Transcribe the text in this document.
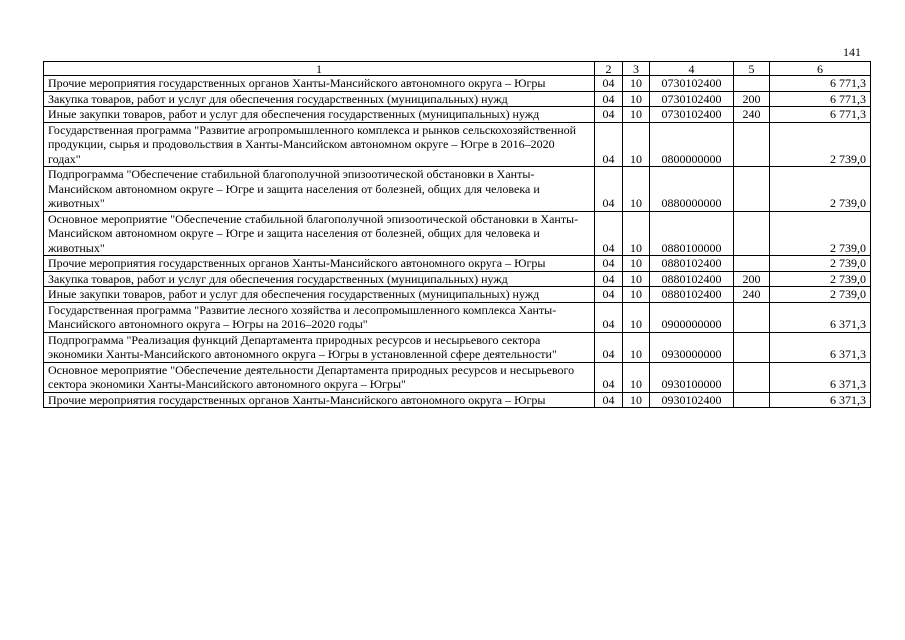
141
1	2	3	4	5	6
Прочие мероприятия государственных органов Ханты-Мансийского автономного округа – Югры	04	10	0730102400		6 771,3
Закупка товаров, работ и услуг для обеспечения государственных (муниципальных) нужд	04	10	0730102400	200	6 771,3
Иные закупки товаров, работ и услуг для обеспечения государственных (муниципальных) нужд	04	10	0730102400	240	6 771,3
Государственная программа "Развитие агропромышленного комплекса и рынков сельскохозяйственной продукции, сырья и продовольствия в Ханты-Мансийском автономном округе – Югре в 2016–2020 годах"	04	10	0800000000		2 739,0
Подпрограмма "Обеспечение стабильной благополучной эпизоотической обстановки в Ханты-Мансийском автономном округе – Югре и защита населения от болезней, общих для человека и животных"	04	10	0880000000		2 739,0
Основное мероприятие "Обеспечение стабильной благополучной эпизоотической обстановки в Ханты-Мансийском автономном округе – Югре и защита населения от болезней, общих для человека и животных"	04	10	0880100000		2 739,0
Прочие мероприятия государственных органов Ханты-Мансийского автономного округа – Югры	04	10	0880102400		2 739,0
Закупка товаров, работ и услуг для обеспечения государственных (муниципальных) нужд	04	10	0880102400	200	2 739,0
Иные закупки товаров, работ и услуг для обеспечения государственных (муниципальных) нужд	04	10	0880102400	240	2 739,0
Государственная программа "Развитие лесного хозяйства и лесопромышленного комплекса Ханты-Мансийского автономного округа – Югры на 2016–2020 годы"	04	10	0900000000		6 371,3
Подпрограмма "Реализация функций Департамента природных ресурсов и несырьевого сектора экономики Ханты-Мансийского автономного округа – Югры в установленной сфере деятельности"	04	10	0930000000		6 371,3
Основное мероприятие "Обеспечение деятельности Департамента природных ресурсов и несырьевого сектора экономики Ханты-Мансийского автономного округа – Югры"	04	10	0930100000		6 371,3
Прочие мероприятия государственных органов Ханты-Мансийского автономного округа – Югры	04	10	0930102400		6 371,3
